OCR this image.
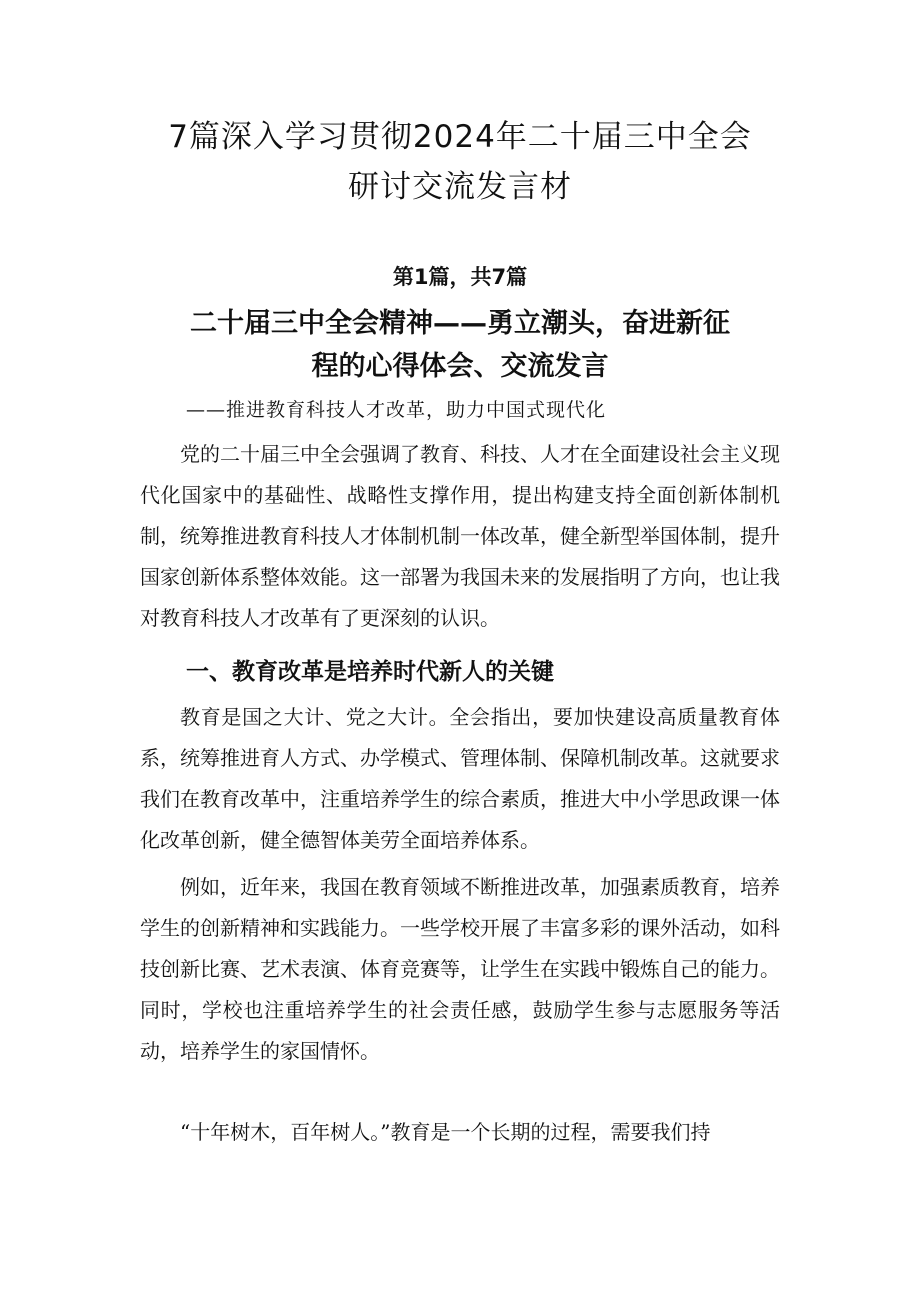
7篇深入学习贯彻2024年二十届三中全会
研讨交流发言材
第1篇，共7篇
二十届三中全会精神——勇立潮头，奋进新征
程的心得体会、交流发言
——推进教育科技人才改革，助力中国式现代化

党的二十届三中全会强调了教育、科技、人才在全面建设社会主义现代化国家中的基础性、战略性支撑作用，提出构建支持全面创新体制机制，统筹推进教育科技人才体制机制一体改革，健全新型举国体制，提升国家创新体系整体效能。这一部署为我国未来的发展指明了方向，也让我对教育科技人才改革有了更深刻的认识。

一、教育改革是培养时代新人的关键

教育是国之大计、党之大计。全会指出，要加快建设高质量教育体系，统筹推进育人方式、办学模式、管理体制、保障机制改革。这就要求我们在教育改革中，注重培养学生的综合素质，推进大中小学思政课一体化改革创新，健全德智体美劳全面培养体系。

例如，近年来，我国在教育领域不断推进改革，加强素质教育，培养学生的创新精神和实践能力。一些学校开展了丰富多彩的课外活动，如科技创新比赛、艺术表演、体育竞赛等，让学生在实践中锻炼自己的能力。同时，学校也注重培养学生的社会责任感，鼓励学生参与志愿服务等活动，培养学生的家国情怀。

“十年树木，百年树人。”教育是一个长期的过程，需要我们持
